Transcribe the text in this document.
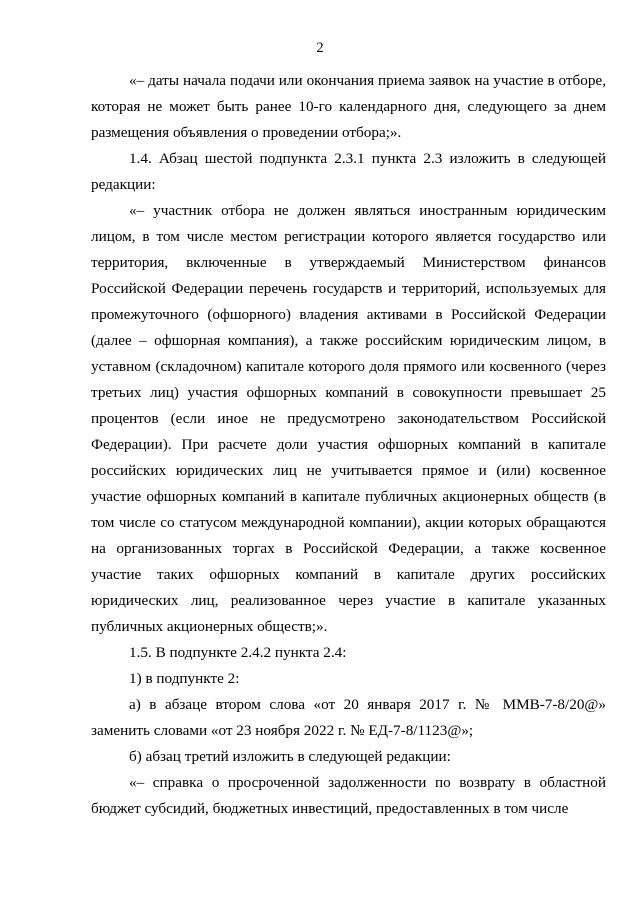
2

«– даты начала подачи или окончания приема заявок на участие в отборе, которая не может быть ранее 10-го календарного дня, следующего за днем размещения объявления о проведении отбора;».

1.4. Абзац шестой подпункта 2.3.1 пункта 2.3 изложить в следующей редакции:

«– участник отбора не должен являться иностранным юридическим лицом, в том числе местом регистрации которого является государство или территория, включенные в утверждаемый Министерством финансов Российской Федерации перечень государств и территорий, используемых для промежуточного (офшорного) владения активами в Российской Федерации (далее – офшорная компания), а также российским юридическим лицом, в уставном (складочном) капитале которого доля прямого или косвенного (через третьих лиц) участия офшорных компаний в совокупности превышает 25 процентов (если иное не предусмотрено законодательством Российской Федерации). При расчете доли участия офшорных компаний в капитале российских юридических лиц не учитывается прямое и (или) косвенное участие офшорных компаний в капитале публичных акционерных обществ (в том числе со статусом международной компании), акции которых обращаются на организованных торгах в Российской Федерации, а также косвенное участие таких офшорных компаний в капитале других российских юридических лиц, реализованное через участие в капитале указанных публичных акционерных обществ;».

1.5. В подпункте 2.4.2 пункта 2.4:

1) в подпункте 2:

а) в абзаце втором слова «от 20 января 2017 г. № ММВ-7-8/20@» заменить словами «от 23 ноября 2022 г. № ЕД-7-8/1123@»;

б) абзац третий изложить в следующей редакции:

«– справка о просроченной задолженности по возврату в областной бюджет субсидий, бюджетных инвестиций, предоставленных в том числе
